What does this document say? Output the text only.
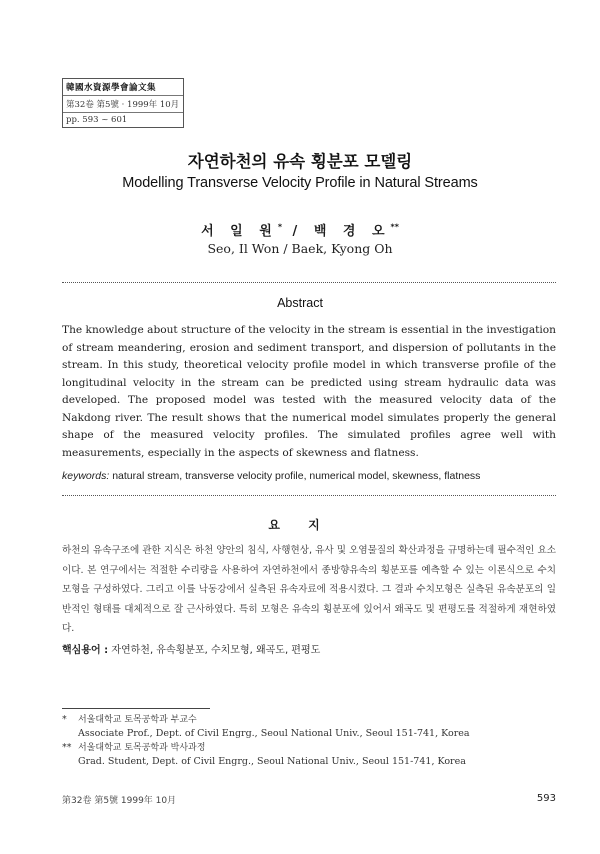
韓國水資源學會論文集
第32卷 第5號 · 1999年 10月
pp. 593 ~ 601
자연하천의 유속 횡분포 모델링
Modelling Transverse Velocity Profile in Natural Streams
서 일 원* / 백 경 오**
Seo, Il Won / Baek, Kyong Oh
Abstract
The knowledge about structure of the velocity in the stream is essential in the investigation of stream meandering, erosion and sediment transport, and dispersion of pollutants in the stream. In this study, theoretical velocity profile model in which transverse profile of the longitudinal velocity in the stream can be predicted using stream hydraulic data was developed. The proposed model was tested with the measured velocity data of the Nakdong river. The result shows that the numerical model simulates properly the general shape of the measured velocity profiles. The simulated profiles agree well with measurements, especially in the aspects of skewness and flatness.
keywords: natural stream, transverse velocity profile, numerical model, skewness, flatness
요 지
하천의 유속구조에 관한 지식은 하천 양안의 침식, 사행현상, 유사 및 오염물질의 확산과정을 규명하는데 필수적인 요소이다. 본 연구에서는 적절한 수리량을 사용하여 자연하천에서 종방향유속의 횡분포를 예측할 수 있는 이론식으로 수치모형을 구성하였다. 그리고 이를 낙동강에서 실측된 유속자료에 적용시켰다. 그 결과 수치모형은 실측된 유속분포의 일반적인 형태를 대체적으로 잘 근사하였다. 특히 모형은 유속의 횡분포에 있어서 왜곡도 및 편평도를 적절하게 재현하였다.
핵심용어 : 자연하천, 유속횡분포, 수치모형, 왜곡도, 편평도
* 서울대학교 토목공학과 부교수
Associate Prof., Dept. of Civil Engrg., Seoul National Univ., Seoul 151-741, Korea
** 서울대학교 토목공학과 박사과정
Grad. Student, Dept. of Civil Engrg., Seoul National Univ., Seoul 151-741, Korea
第32卷 第5號 1999年 10月	593
